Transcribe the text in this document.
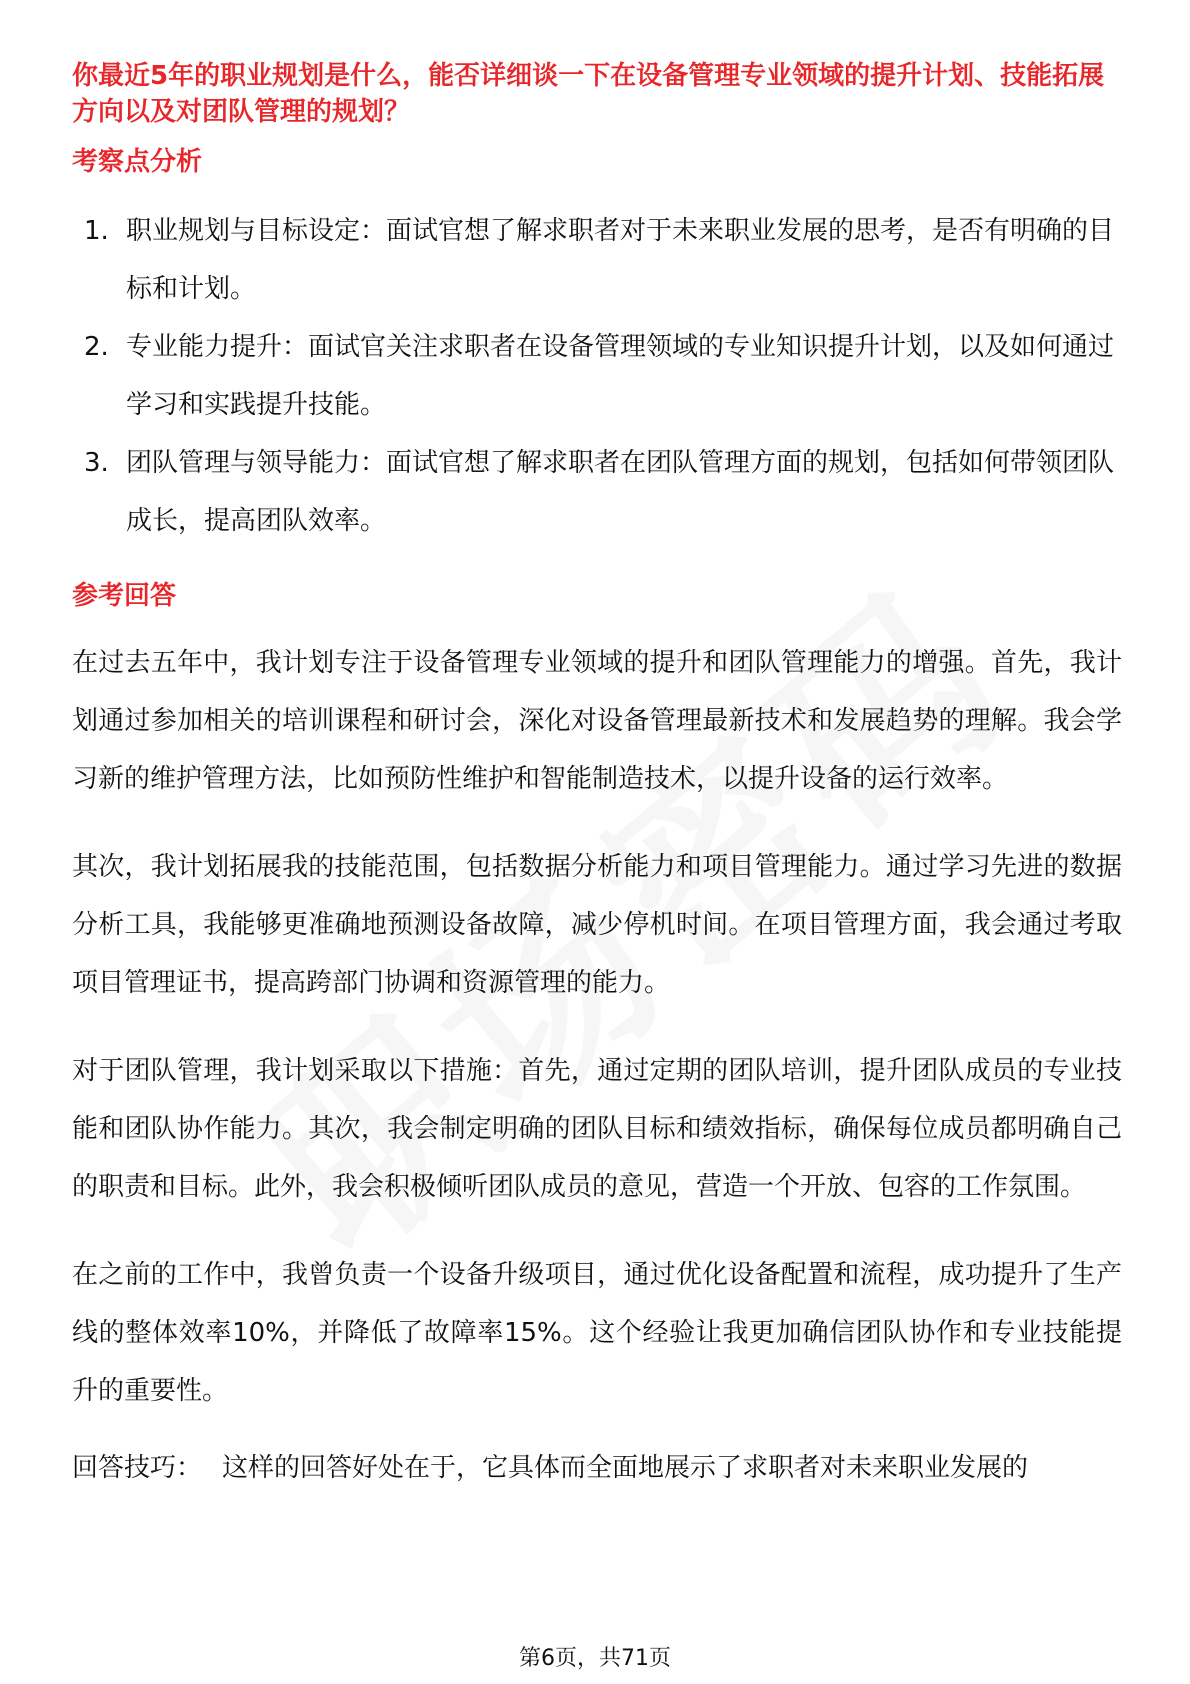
你最近5年的职业规划是什么，能否详细谈一下在设备管理专业领域的提升计划、技能拓展方向以及对团队管理的规划？

考察点分析

1. 职业规划与目标设定：面试官想了解求职者对于未来职业发展的思考，是否有明确的目标和计划。
2. 专业能力提升：面试官关注求职者在设备管理领域的专业知识提升计划，以及如何通过学习和实践提升技能。
3. 团队管理与领导能力：面试官想了解求职者在团队管理方面的规划，包括如何带领团队成长，提高团队效率。

参考回答

在过去五年中，我计划专注于设备管理专业领域的提升和团队管理能力的增强。首先，我计划通过参加相关的培训课程和研讨会，深化对设备管理最新技术和发展趋势的理解。我会学习新的维护管理方法，比如预防性维护和智能制造技术，以提升设备的运行效率。

其次，我计划拓展我的技能范围，包括数据分析能力和项目管理能力。通过学习先进的数据分析工具，我能够更准确地预测设备故障，减少停机时间。在项目管理方面，我会通过考取项目管理证书，提高跨部门协调和资源管理的能力。

对于团队管理，我计划采取以下措施：首先，通过定期的团队培训，提升团队成员的专业技能和团队协作能力。其次，我会制定明确的团队目标和绩效指标，确保每位成员都明确自己的职责和目标。此外，我会积极倾听团队成员的意见，营造一个开放、包容的工作氛围。

在之前的工作中，我曾负责一个设备升级项目，通过优化设备配置和流程，成功提升了生产线的整体效率10%，并降低了故障率15%。这个经验让我更加确信团队协作和专业技能提升的重要性。

回答技巧： 这样的回答好处在于，它具体而全面地展示了求职者对未来职业发展的

第6页，共71页
